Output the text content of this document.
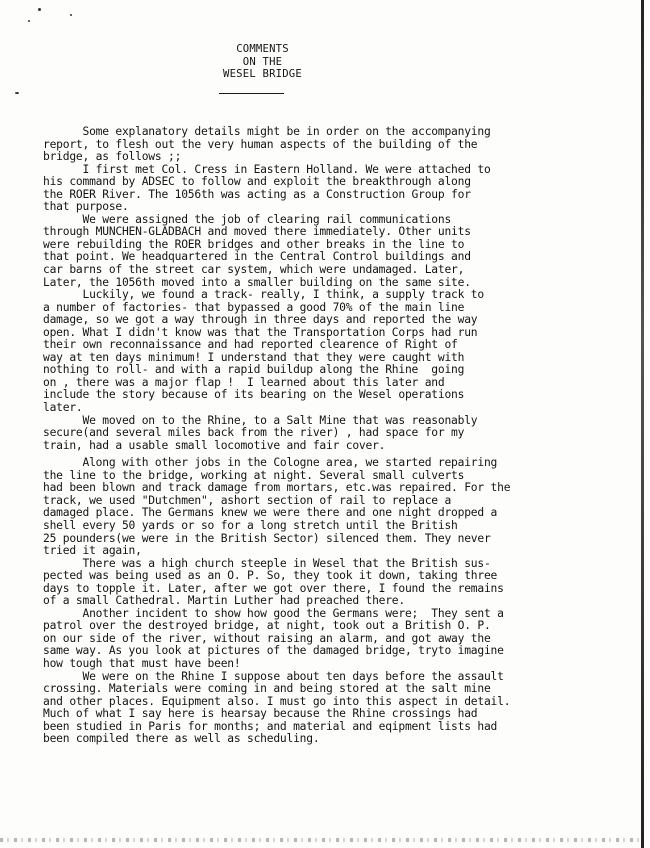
COMMENTS
ON THE
WESEL BRIDGE
Some explanatory details might be in order on the accompanying
report, to flesh out the very human aspects of the building of the
bridge, as follows ;;
I first met Col. Cress in Eastern Holland. We were attached to
his command by ADSEC to follow and exploit the breakthrough along
the ROER River. The 1056th was acting as a Construction Group for
that purpose.
We were assigned the job of clearing rail communications
through MUNCHEN-GLADBACH and moved there immediately. Other units
were rebuilding the ROER bridges and other breaks in the line to
that point. We headquartered in the Central Control buildings and
car barns of the street car system, which were undamaged. Later,
Later, the 1056th moved into a smaller building on the same site.
Luckily, we found a track- really, I think, a supply track to
a number of factories- that bypassed a good 70% of the main line
damage, so we got a way through in three days and reported the way
open. What I didn't know was that the Transportation Corps had run
their own reconnaissance and had reported clearence of Right of
way at ten days minimum! I understand that they were caught with
nothing to roll- and with a rapid buildup along the Rhine  going
on , there was a major flap !  I learned about this later and
include the story because of its bearing on the Wesel operations
later.
We moved on to the Rhine, to a Salt Mine that was reasonably
secure(and several miles back from the river) , had space for my
train, had a usable small locomotive and fair cover.
Along with other jobs in the Cologne area, we started repairing
the line to the bridge, working at night. Several small culverts
had been blown and track damage from mortars, etc.was repaired. For the
track, we used "Dutchmen", ashort section of rail to replace a
damaged place. The Germans knew we were there and one night dropped a
shell every 50 yards or so for a long stretch until the British
25 pounders(we were in the British Sector) silenced them. They never
tried it again,
There was a high church steeple in Wesel that the British sus-
pected was being used as an O. P. So, they took it down, taking three
days to topple it. Later, after we got over there, I found the remains
of a small Cathedral. Martin Luther had preached there.
Another incident to show how good the Germans were;  They sent a
patrol over the destroyed bridge, at night, took out a British O. P.
on our side of the river, without raising an alarm, and got away the
same way. As you look at pictures of the damaged bridge, tryto imagine
how tough that must have been!
We were on the Rhine I suppose about ten days before the assault
crossing. Materials were coming in and being stored at the salt mine
and other places. Equipment also. I must go into this aspect in detail.
Much of what I say here is hearsay because the Rhine crossings had
been studied in Paris for months; and material and eqipment lists had
been compiled there as well as scheduling.
